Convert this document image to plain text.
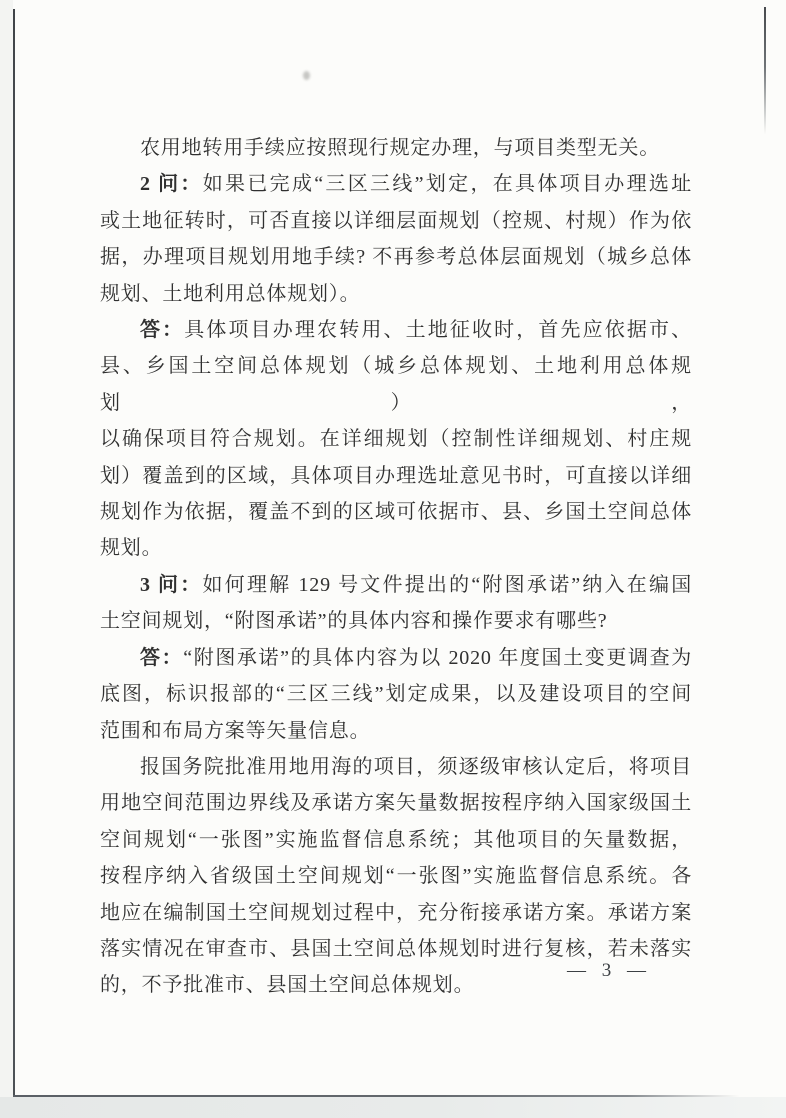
农用地转用手续应按照现行规定办理，与项目类型无关。
2 问：如果已完成“三区三线”划定，在具体项目办理选址
或土地征转时，可否直接以详细层面规划（控规、村规）作为依
据，办理项目规划用地手续? 不再参考总体层面规划（城乡总体
规划、土地利用总体规划）。
答：具体项目办理农转用、土地征收时，首先应依据市、
县、乡国土空间总体规划（城乡总体规划、土地利用总体规划），
以确保项目符合规划。在详细规划（控制性详细规划、村庄规
划）覆盖到的区域，具体项目办理选址意见书时，可直接以详细
规划作为依据，覆盖不到的区域可依据市、县、乡国土空间总体
规划。
3 问：如何理解 129 号文件提出的“附图承诺”纳入在编国
土空间规划，“附图承诺”的具体内容和操作要求有哪些?
答：“附图承诺”的具体内容为以 2020 年度国土变更调查为
底图，标识报部的“三区三线”划定成果，以及建设项目的空间
范围和布局方案等矢量信息。
报国务院批准用地用海的项目，须逐级审核认定后，将项目
用地空间范围边界线及承诺方案矢量数据按程序纳入国家级国土
空间规划“一张图”实施监督信息系统；其他项目的矢量数据，
按程序纳入省级国土空间规划“一张图”实施监督信息系统。各
地应在编制国土空间规划过程中，充分衔接承诺方案。承诺方案
落实情况在审查市、县国土空间总体规划时进行复核，若未落实
的，不予批准市、县国土空间总体规划。
— 3 —
